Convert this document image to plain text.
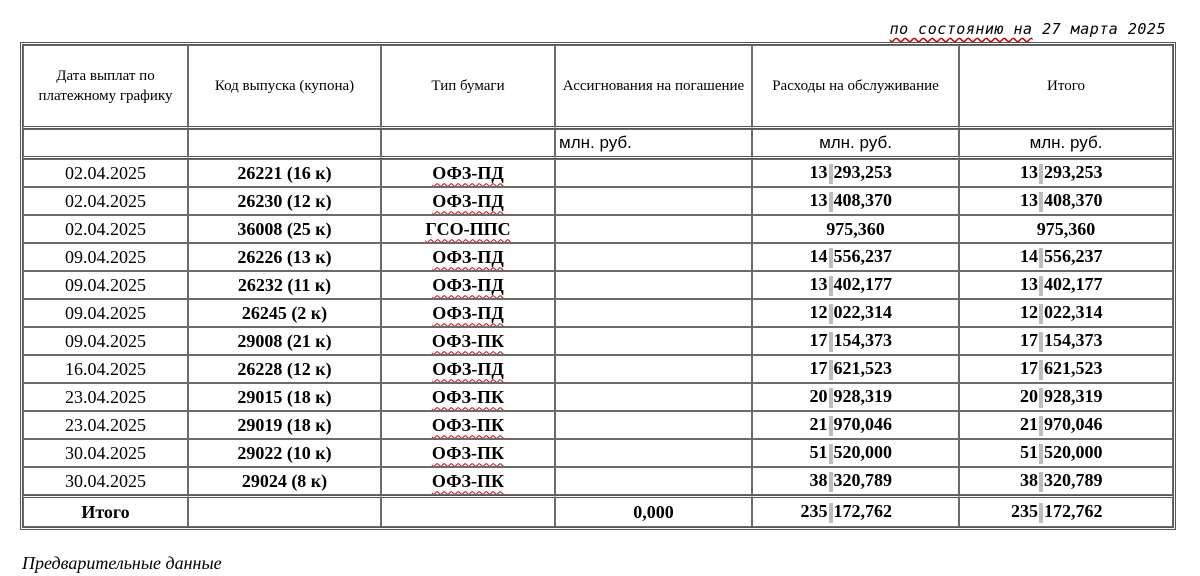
по состоянию на 27 марта 2025
Дата выплат по платежному графику	Код выпуска (купона)	Тип бумаги	Ассигнования на погашение	Расходы на обслуживание	Итого
			млн. руб.	млн. руб.	млн. руб.
02.04.2025	26221 (16 к)	ОФЗ-ПД		13 293,253	13 293,253
02.04.2025	26230 (12 к)	ОФЗ-ПД		13 408,370	13 408,370
02.04.2025	36008 (25 к)	ГСО-ППС		975,360	975,360
09.04.2025	26226 (13 к)	ОФЗ-ПД		14 556,237	14 556,237
09.04.2025	26232 (11 к)	ОФЗ-ПД		13 402,177	13 402,177
09.04.2025	26245 (2 к)	ОФЗ-ПД		12 022,314	12 022,314
09.04.2025	29008 (21 к)	ОФЗ-ПК		17 154,373	17 154,373
16.04.2025	26228 (12 к)	ОФЗ-ПД		17 621,523	17 621,523
23.04.2025	29015 (18 к)	ОФЗ-ПК		20 928,319	20 928,319
23.04.2025	29019 (18 к)	ОФЗ-ПК		21 970,046	21 970,046
30.04.2025	29022 (10 к)	ОФЗ-ПК		51 520,000	51 520,000
30.04.2025	29024 (8 к)	ОФЗ-ПК		38 320,789	38 320,789
Итого			0,000	235 172,762	235 172,762
Предварительные данные
